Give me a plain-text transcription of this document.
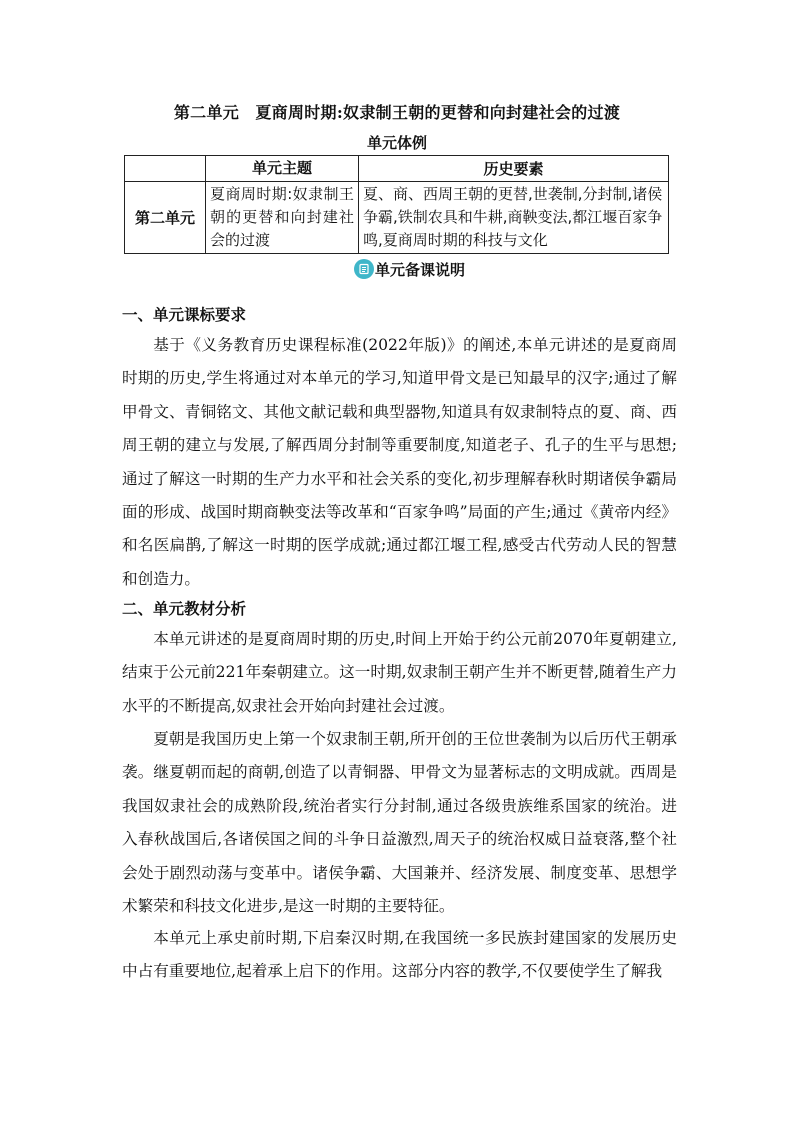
第二单元　夏商周时期:奴隶制王朝的更替和向封建社会的过渡
单元体例
	单元主题	历史要素
第二单元	夏商周时期:奴隶制王朝的更替和向封建社会的过渡	夏、商、西周王朝的更替,世袭制,分封制,诸侯争霸,铁制农具和牛耕,商鞅变法,都江堰百家争鸣,夏商周时期的科技与文化
单元备课说明
一、单元课标要求

基于《义务教育历史课程标准(2022年版)》的阐述,本单元讲述的是夏商周时期的历史,学生将通过对本单元的学习,知道甲骨文是已知最早的汉字;通过了解甲骨文、青铜铭文、其他文献记载和典型器物,知道具有奴隶制特点的夏、商、西周王朝的建立与发展,了解西周分封制等重要制度,知道老子、孔子的生平与思想;通过了解这一时期的生产力水平和社会关系的变化,初步理解春秋时期诸侯争霸局面的形成、战国时期商鞅变法等改革和“百家争鸣”局面的产生;通过《黄帝内经》和名医扁鹊,了解这一时期的医学成就;通过都江堰工程,感受古代劳动人民的智慧和创造力。

二、单元教材分析

本单元讲述的是夏商周时期的历史,时间上开始于约公元前2070年夏朝建立,结束于公元前221年秦朝建立。这一时期,奴隶制王朝产生并不断更替,随着生产力水平的不断提高,奴隶社会开始向封建社会过渡。

夏朝是我国历史上第一个奴隶制王朝,所开创的王位世袭制为以后历代王朝承袭。继夏朝而起的商朝,创造了以青铜器、甲骨文为显著标志的文明成就。西周是我国奴隶社会的成熟阶段,统治者实行分封制,通过各级贵族维系国家的统治。进入春秋战国后,各诸侯国之间的斗争日益激烈,周天子的统治权威日益衰落,整个社会处于剧烈动荡与变革中。诸侯争霸、大国兼并、经济发展、制度变革、思想学术繁荣和科技文化进步,是这一时期的主要特征。

本单元上承史前时期,下启秦汉时期,在我国统一多民族封建国家的发展历史中占有重要地位,起着承上启下的作用。这部分内容的教学,不仅要使学生了解我
